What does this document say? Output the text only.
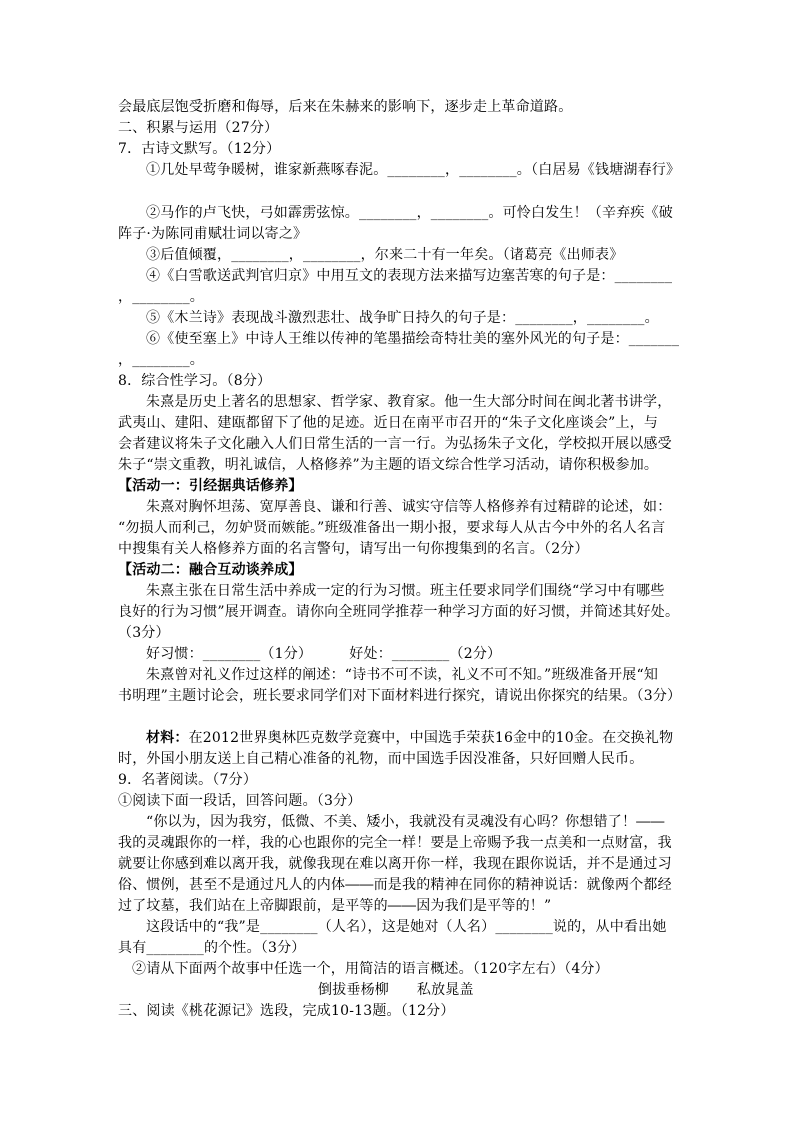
会最底层饱受折磨和侮辱，后来在朱赫来的影响下，逐步走上革命道路。
二、积累与运用（27分）
7．古诗文默写。（12分）
①几处早莺争暖树，谁家新燕啄春泥。________，________。（白居易《钱塘湖春行》
②马作的卢飞快，弓如霹雳弦惊。________，________。可怜白发生！（辛弃疾《破
阵子·为陈同甫赋壮词以寄之》
③后值倾覆，________，________，尔来二十有一年矣。（诸葛亮《出师表》
④《白雪歌送武判官归京》中用互文的表现方法来描写边塞苦寒的句子是：________
，________。
⑤《木兰诗》表现战斗激烈悲壮、战争旷日持久的句子是：________，________。
⑥《使至塞上》中诗人王维以传神的笔墨描绘奇特壮美的塞外风光的句子是：_______
，________。
8．综合性学习。（8分）
朱熹是历史上著名的思想家、哲学家、教育家。他一生大部分时间在闽北著书讲学，
武夷山、建阳、建瓯都留下了他的足迹。近日在南平市召开的“朱子文化座谈会”上，与
会者建议将朱子文化融入人们日常生活的一言一行。为弘扬朱子文化，学校拟开展以感受
朱子“崇文重教，明礼诚信，人格修养”为主题的语文综合性学习活动，请你积极参加。
【活动一：引经据典话修养】
朱熹对胸怀坦荡、宽厚善良、谦和行善、诚实守信等人格修养有过精辟的论述，如：
“勿损人而利己，勿妒贤而嫉能。”班级准备出一期小报，要求每人从古今中外的名人名言
中搜集有关人格修养方面的名言警句，请写出一句你搜集到的名言。（2分）
【活动二：融合互动谈养成】
朱熹主张在日常生活中养成一定的行为习惯。班主任要求同学们围绕“学习中有哪些
良好的行为习惯”展开调查。请你向全班同学推荐一种学习方面的好习惯，并简述其好处。
（3分）
好习惯：________（1分）        好处：________（2分）
朱熹曾对礼义作过这样的阐述：“诗书不可不读，礼义不可不知。”班级准备开展“知
书明理”主题讨论会，班长要求同学们对下面材料进行探究，请说出你探究的结果。（3分）
材料：在2012世界奥林匹克数学竞赛中，中国选手荣获16金中的10金。在交换礼物
时，外国小朋友送上自己精心准备的礼物，而中国选手因没准备，只好回赠人民币。
9．名著阅读。（7分）
①阅读下面一段话，回答问题。（3分）
“你以为，因为我穷，低微、不美、矮小，我就没有灵魂没有心吗？你想错了！――
我的灵魂跟你的一样，我的心也跟你的完全一样！要是上帝赐予我一点美和一点财富，我
就要让你感到难以离开我，就像我现在难以离开你一样，我现在跟你说话，并不是通过习
俗、惯例，甚至不是通过凡人的内体――而是我的精神在同你的精神说话：就像两个都经
过了坟墓，我们站在上帝脚跟前，是平等的――因为我们是平等的！”
这段话中的“我”是________（人名），这是她对（人名）________说的，从中看出她
具有________的个性。（3分）
②请从下面两个故事中任选一个，用简洁的语言概述。（120字左右）（4分）
倒拔垂杨柳      私放晁盖
三、阅读《桃花源记》选段，完成10-13题。（12分）
